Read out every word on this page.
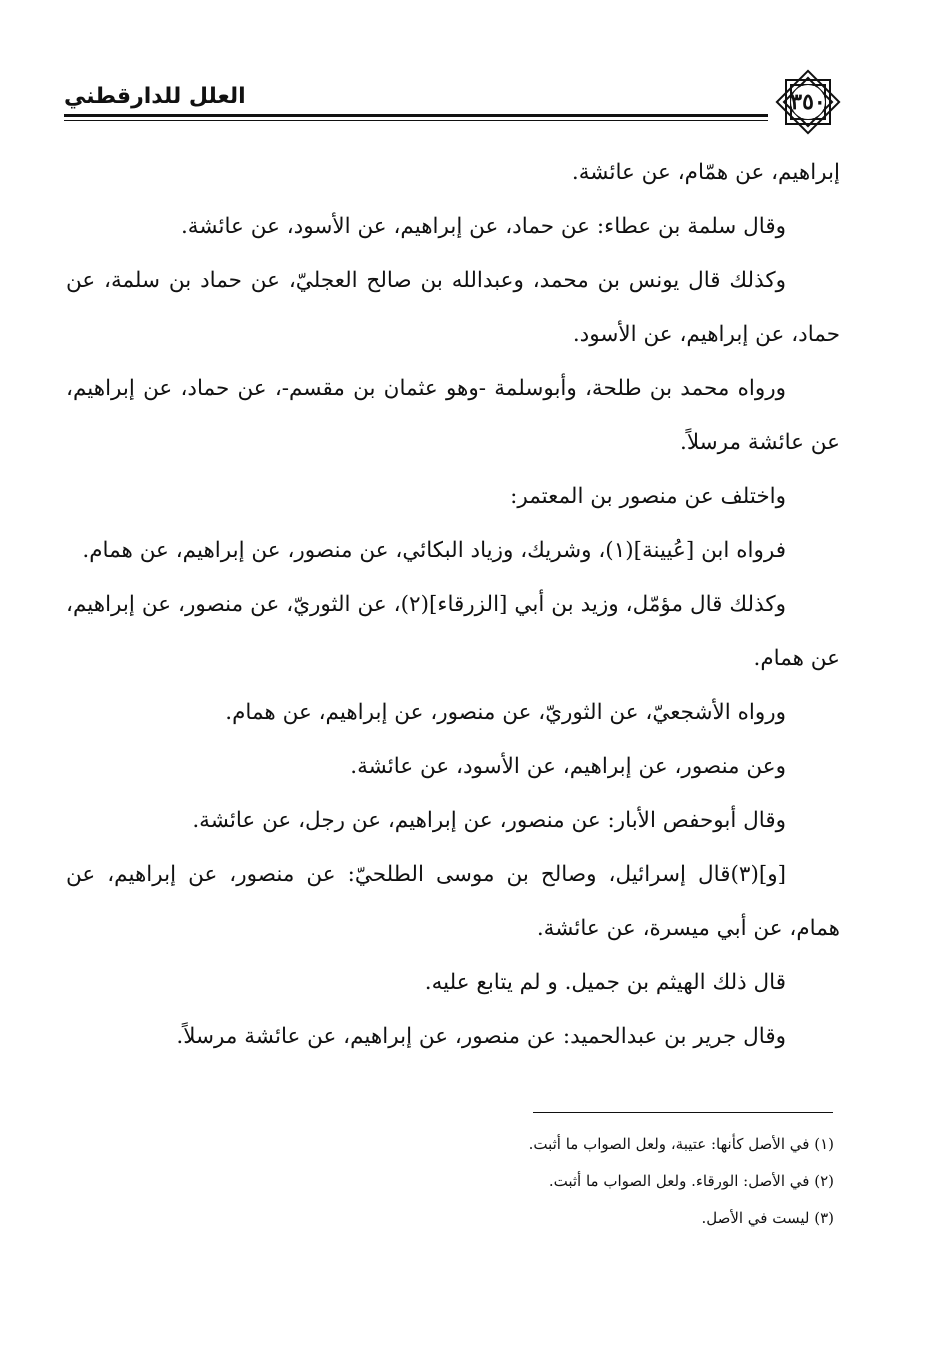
العلل للدارقطني	٣٥٠

إبراهيم، عن همّام، عن عائشة.

وقال سلمة بن عطاء: عن حماد، عن إبراهيم، عن الأسود، عن عائشة.

وكذلك قال يونس بن محمد، وعبدالله بن صالح العجليّ، عن حماد بن سلمة، عن حماد، عن إبراهيم، عن الأسود.

ورواه محمد بن طلحة، وأبوسلمة -وهو عثمان بن مقسم-، عن حماد، عن إبراهيم، عن عائشة مرسلاً.

واختلف عن منصور بن المعتمر:

فرواه ابن [عُيينة](١)، وشريك، وزياد البكائي، عن منصور، عن إبراهيم، عن همام.

وكذلك قال مؤمّل، وزيد بن أبي [الزرقاء](٢)، عن الثوريّ، عن منصور، عن إبراهيم، عن همام.

ورواه الأشجعيّ، عن الثوريّ، عن منصور، عن إبراهيم، عن همام.

وعن منصور، عن إبراهيم، عن الأسود، عن عائشة.

وقال أبوحفص الأبار: عن منصور، عن إبراهيم، عن رجل، عن عائشة.

[و](٣)قال إسرائيل، وصالح بن موسى الطلحيّ: عن منصور، عن إبراهيم، عن همام، عن أبي ميسرة، عن عائشة.

قال ذلك الهيثم بن جميل. و لم يتابع عليه.

وقال جرير بن عبدالحميد: عن منصور، عن إبراهيم، عن عائشة مرسلاً.

(١) في الأصل كأنها: عتيبة، ولعل الصواب ما أثبت.

(٢) في الأصل: الورقاء. ولعل الصواب ما أثبت.

(٣) ليست في الأصل.
